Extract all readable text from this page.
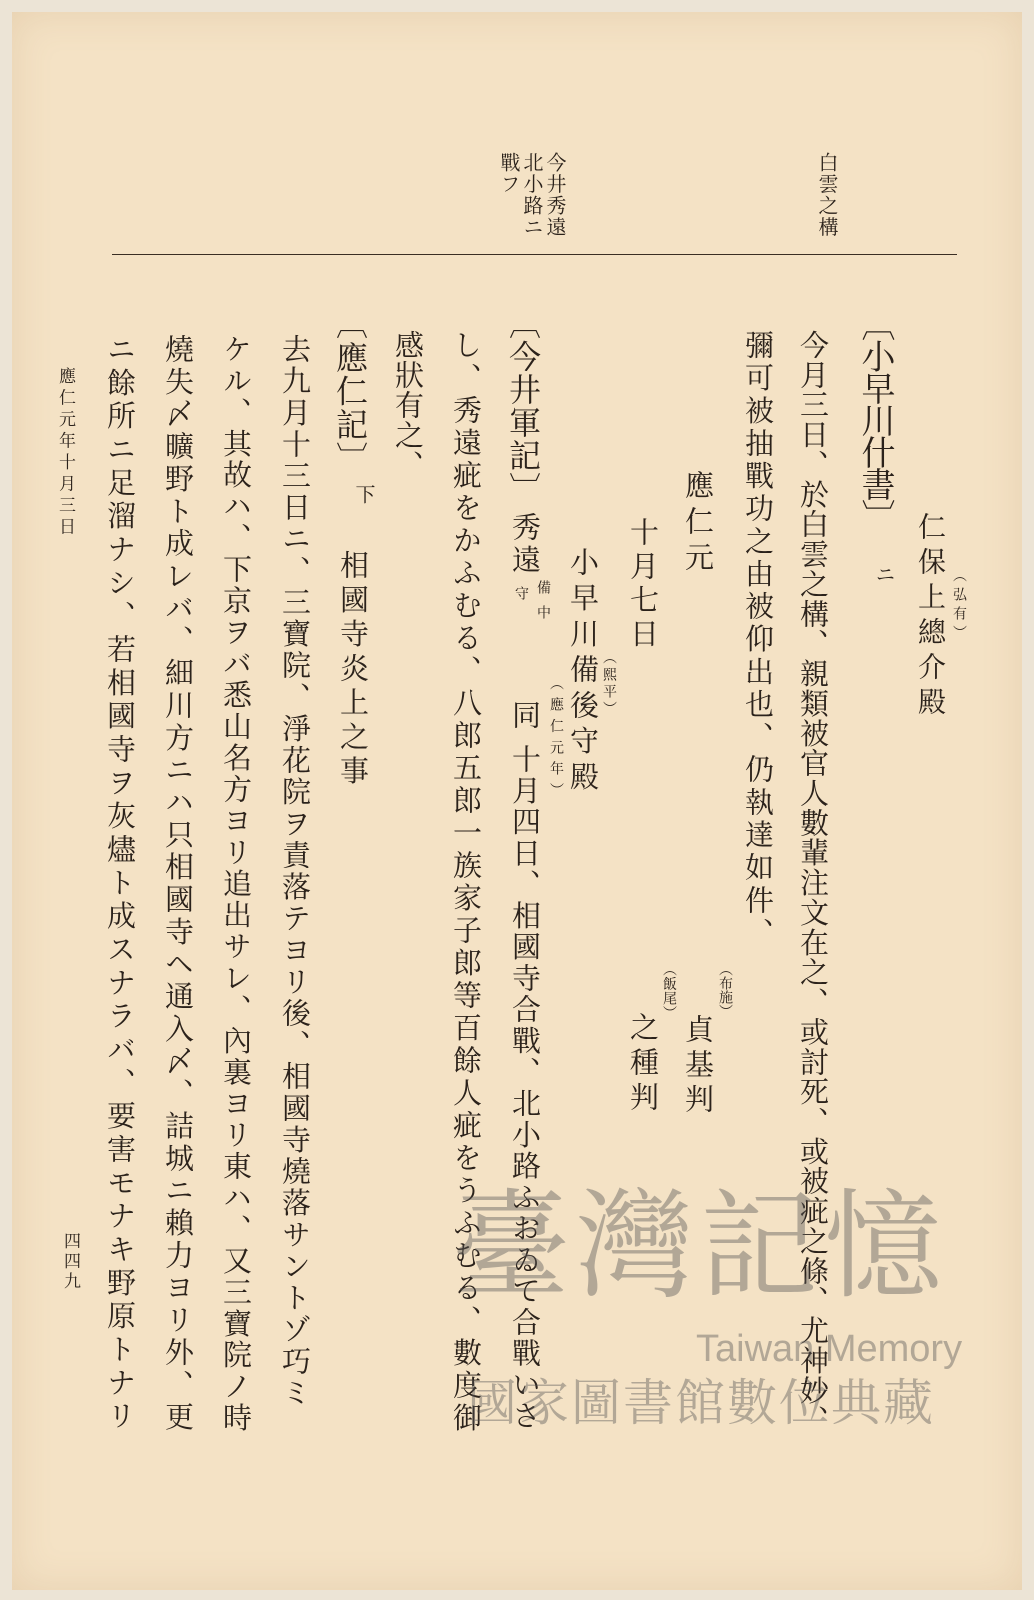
白雲之構
今井秀遠
北小路ニ
戰フ
仁保上總介殿 （弘有）
〔小早川什書〕
ニ
今月三日、於白雲之構、親類被官人數輩注文在之、或討死、或被疵之條、尤神妙、
彌可被抽戰功之由被仰出也、仍執達如件、
應仁元
（布施）
貞基判
十月七日
（飯尾）
之種判
小早川備後守殿 （熙平）
〔今井軍記〕
秀遠
備中
守
同 （應仁元年）
十月四日、相國寺合戰、北小路ふおゐて合戰いさ
し、秀遠疵をかふむる、八郎五郎一族家子郎等百餘人疵をうふむる、數度御
感狀有之、
〔應仁記〕
下
相國寺炎上之事
去九月十三日ニ、三寶院、淨花院ヲ責落テヨリ後、相國寺燒落サントゾ巧ミ
ケル、其故ハ、下京ヲバ悉山名方ヨリ追出サレ、內裏ヨリ東ハ、又三寶院ノ時
燒失〆曠野ト成レバ、細川方ニハ只相國寺ヘ通入〆、詰城ニ賴力ヨリ外、更
ニ餘所ニ足溜ナシ、若相國寺ヲ灰燼ト成スナラバ、要害モナキ野原トナリ
應仁元年十月三日
四四九	臺灣記憶
Taiwan Memory
國家圖書館數位典藏
